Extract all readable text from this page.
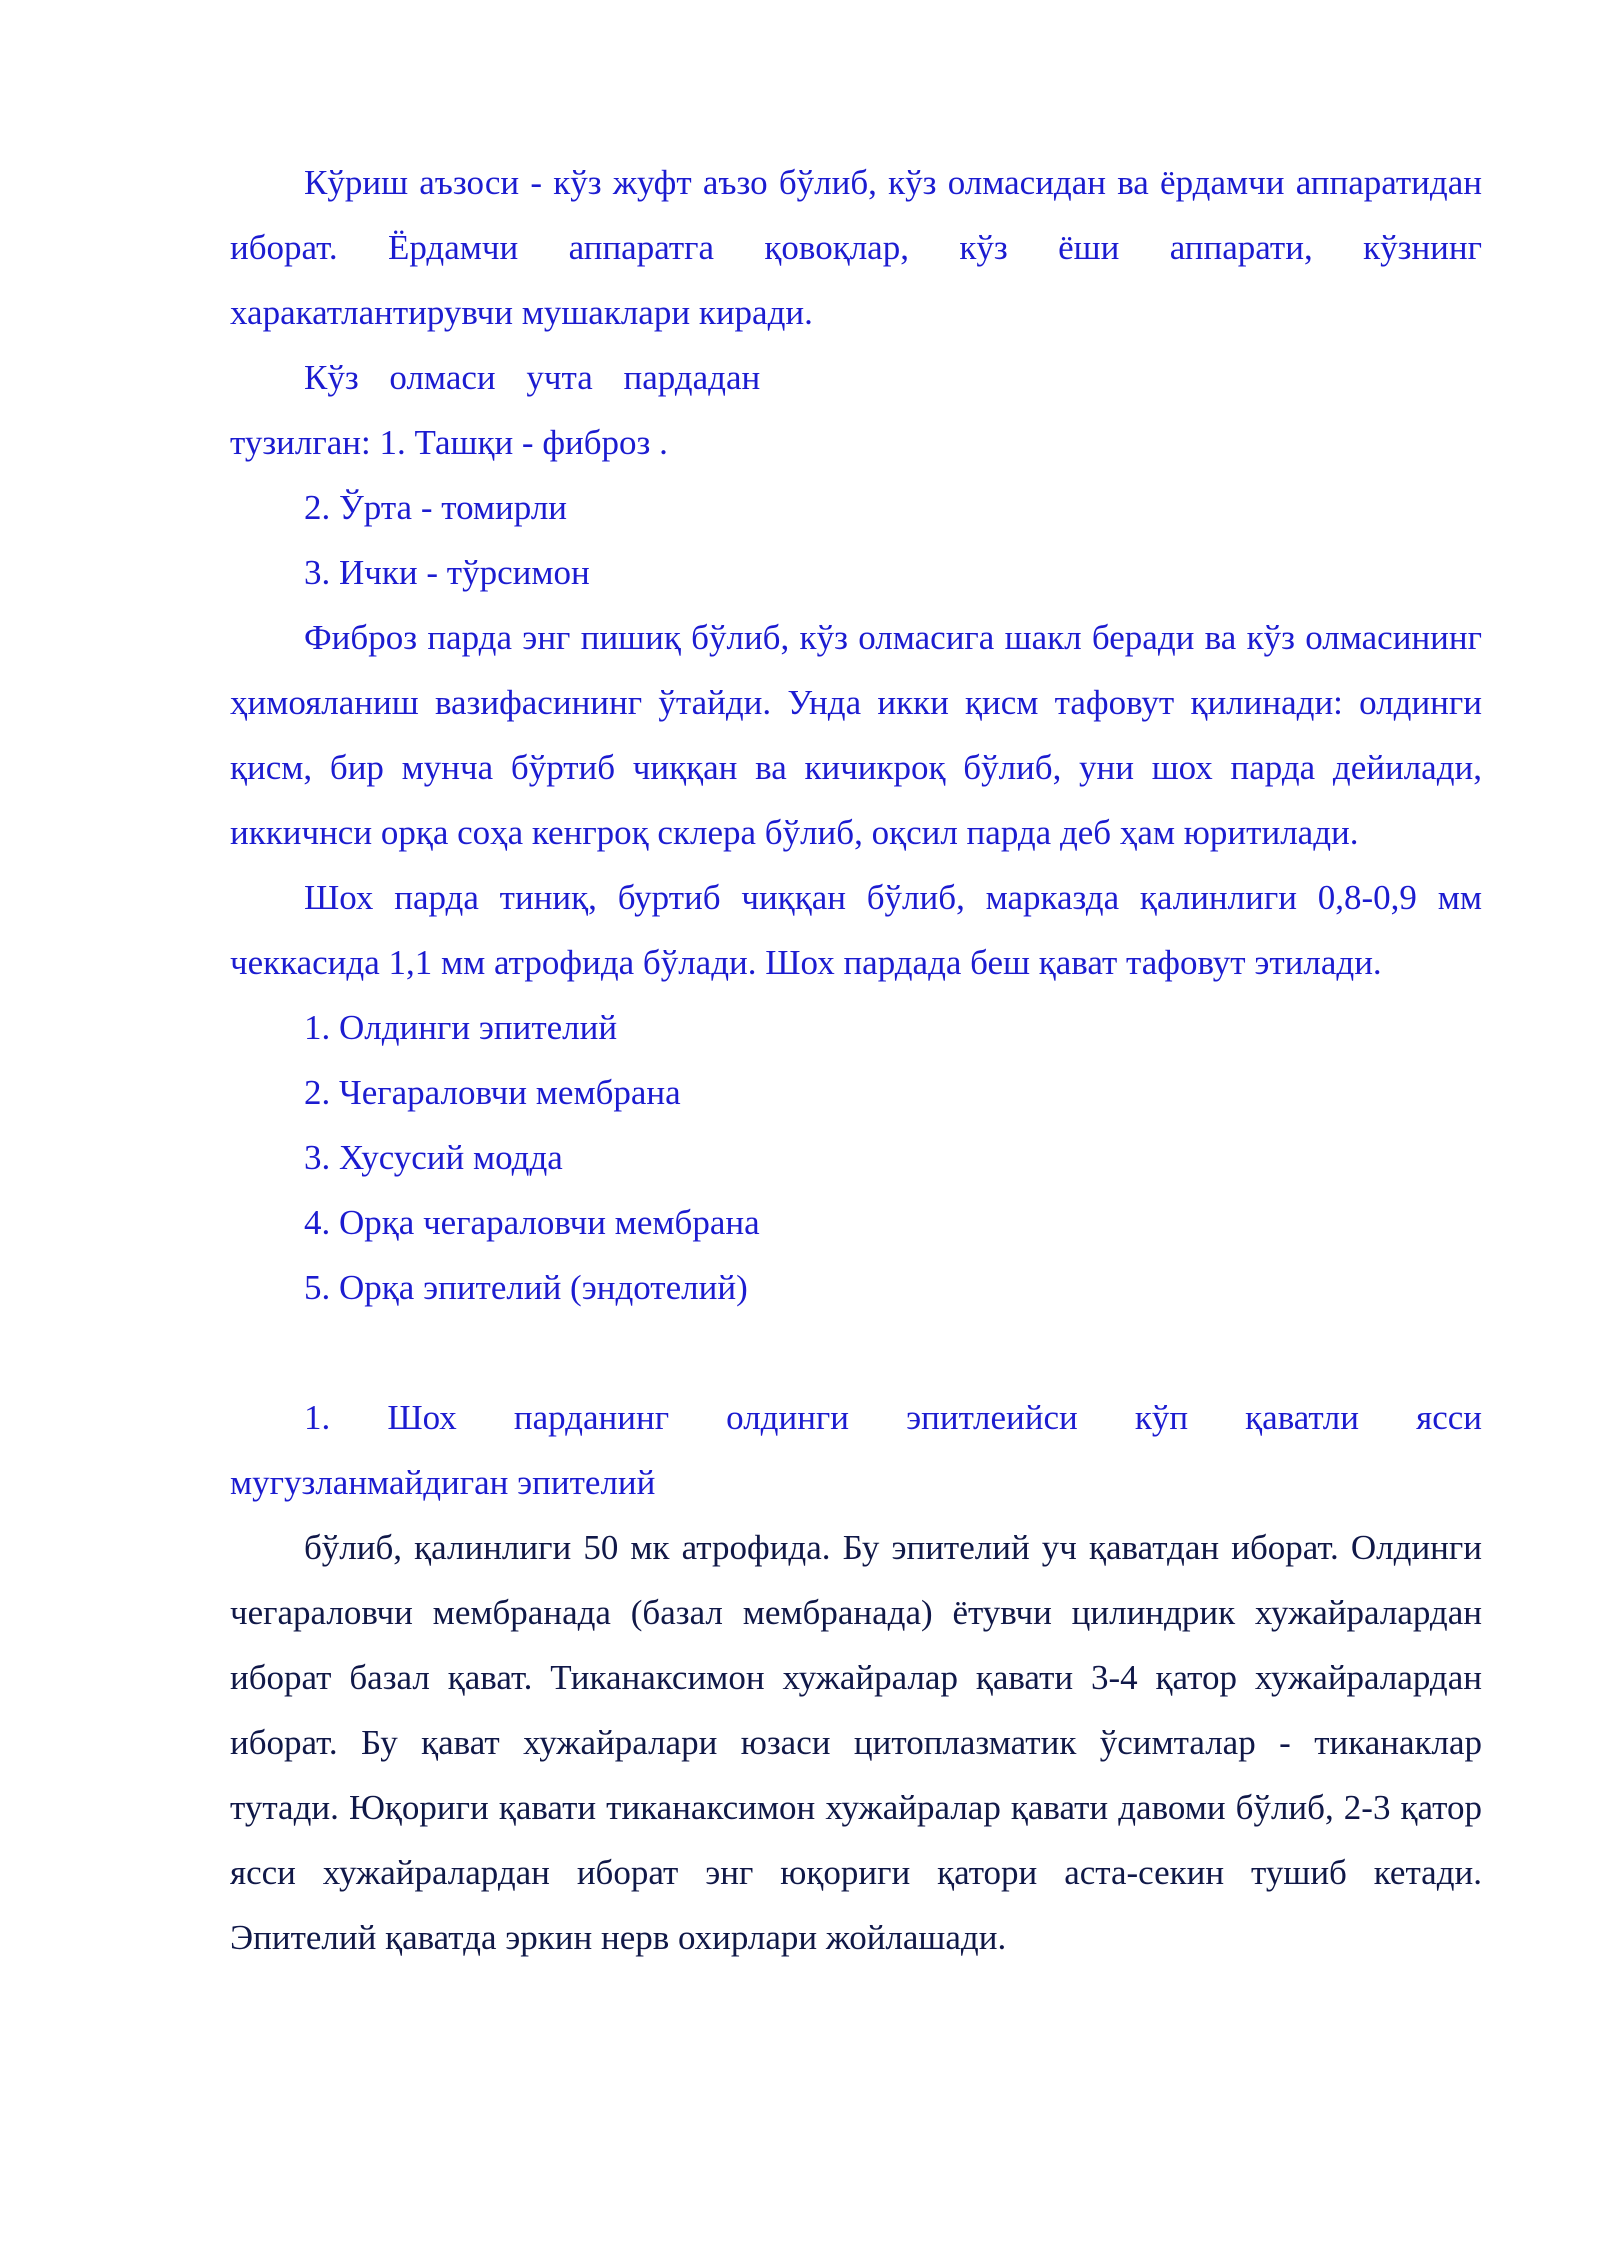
Кўриш аъзоси - кўз жуфт аъзо бўлиб, кўз олмасидан ва ёрдамчи аппаратидан иборат. Ёрдамчи аппаратга қовоқлар, кўз ёши аппарати, кўзнинг харакатлантирувчи мушаклари киради.

Кўз олмаси учта пардадан

тузилган: 1. Ташқи - фиброз .

2. Ўрта - томирли

3. Ички - тўрсимон

Фиброз парда энг пишиқ бўлиб, кўз олмасига шакл беради ва кўз олмасининг ҳимояланиш вазифасининг ўтайди. Унда икки қисм тафовут қилинади: олдинги қисм, бир мунча бўртиб чиққан ва кичикроқ бўлиб, уни шох парда дейилади, иккичнси орқа соҳа кенгроқ склера бўлиб, оқсил парда деб ҳам юритилади.

Шох парда тиниқ, буртиб чиққан бўлиб, марказда қалинлиги 0,8-0,9 мм чеккасида 1,1 мм атрофида бўлади. Шох пардада беш қават тафовут этилади.

1. Олдинги эпителий

2. Чегараловчи мембрана

3. Хусусий модда

4. Орқа чегараловчи мембрана

5. Орқа эпителий (эндотелий)

1. Шох парданинг олдинги эпитлеийси кўп қаватли ясси

мугузланмайдиган эпителий

бўлиб, қалинлиги 50 мк атрофида. Бу эпителий уч қаватдан иборат. Олдинги чегараловчи мембранада (базал мембранада) ётувчи цилиндрик хужайралардан иборат базал қават. Тиканаксимон хужайралар қавати 3-4 қатор хужайралардан иборат. Бу қават хужайралари юзаси цитоплазматик ўсимталар - тиканаклар тутади. Юқориги қавати тиканаксимон хужайралар қавати давоми бўлиб, 2-3 қатор ясси хужайралардан иборат энг юқориги қатори аста-секин тушиб кетади. Эпителий қаватда эркин нерв охирлари жойлашади.
